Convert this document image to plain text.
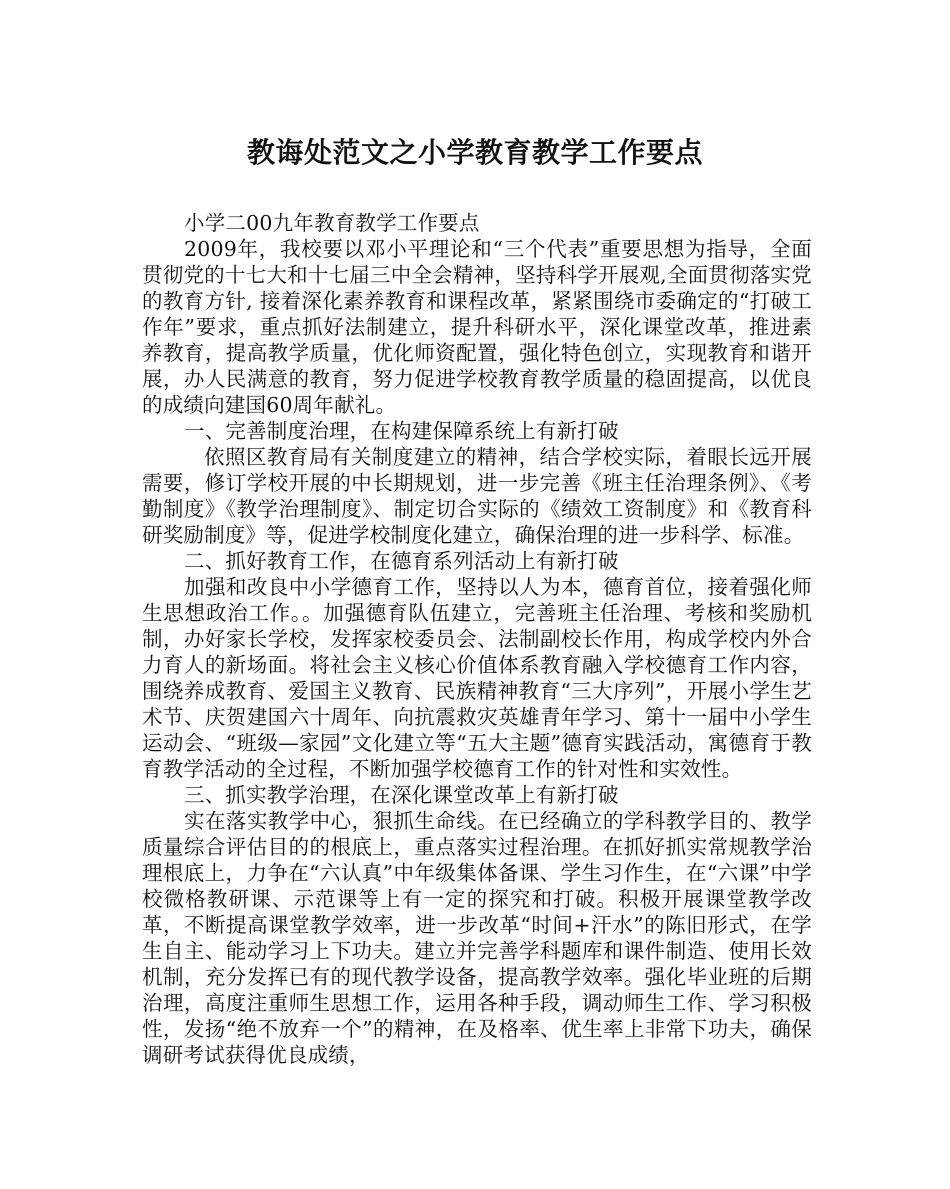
教诲处范文之小学教育教学工作要点

小学二00九年教育教学工作要点

2009年，我校要以邓小平理论和“三个代表”重要思想为指导，全面贯彻党的十七大和十七届三中全会精神，坚持科学开展观,全面贯彻落实党的教育方针, 接着深化素养教育和课程改革，紧紧围绕市委确定的“打破工作年”要求，重点抓好法制建立，提升科研水平，深化课堂改革，推进素养教育，提高教学质量，优化师资配置，强化特色创立，实现教育和谐开展，办人民满意的教育，努力促进学校教育教学质量的稳固提高，以优良的成绩向建国60周年献礼。

一、完善制度治理，在构建保障系统上有新打破

依照区教育局有关制度建立的精神，结合学校实际，着眼长远开展需要，修订学校开展的中长期规划，进一步完善《班主任治理条例》、《考勤制度》《教学治理制度》、制定切合实际的《绩效工资制度》和《教育科研奖励制度》等，促进学校制度化建立，确保治理的进一步科学、标准。

二、抓好教育工作，在德育系列活动上有新打破

加强和改良中小学德育工作，坚持以人为本，德育首位，接着强化师生思想政治工作。。加强德育队伍建立，完善班主任治理、考核和奖励机制，办好家长学校，发挥家校委员会、法制副校长作用，构成学校内外合力育人的新场面。将社会主义核心价值体系教育融入学校德育工作内容，围绕养成教育、爱国主义教育、民族精神教育“三大序列”，开展小学生艺术节、庆贺建国六十周年、向抗震救灾英雄青年学习、第十一届中小学生运动会、“班级—家园”文化建立等“五大主题”德育实践活动，寓德育于教育教学活动的全过程，不断加强学校德育工作的针对性和实效性。

三、抓实教学治理，在深化课堂改革上有新打破

实在落实教学中心，狠抓生命线。在已经确立的学科教学目的、教学质量综合评估目的的根底上，重点落实过程治理。在抓好抓实常规教学治理根底上，力争在“六认真”中年级集体备课、学生习作生，在“六课”中学校微格教研课、示范课等上有一定的探究和打破。积极开展课堂教学改革，不断提高课堂教学效率，进一步改革“时间+汗水”的陈旧形式，在学生自主、能动学习上下功夫。建立并完善学科题库和课件制造、使用长效机制，充分发挥已有的现代教学设备，提高教学效率。强化毕业班的后期治理，高度注重师生思想工作，运用各种手段，调动师生工作、学习积极性，发扬“绝不放弃一个”的精神，在及格率、优生率上非常下功夫，确保调研考试获得优良成绩，
